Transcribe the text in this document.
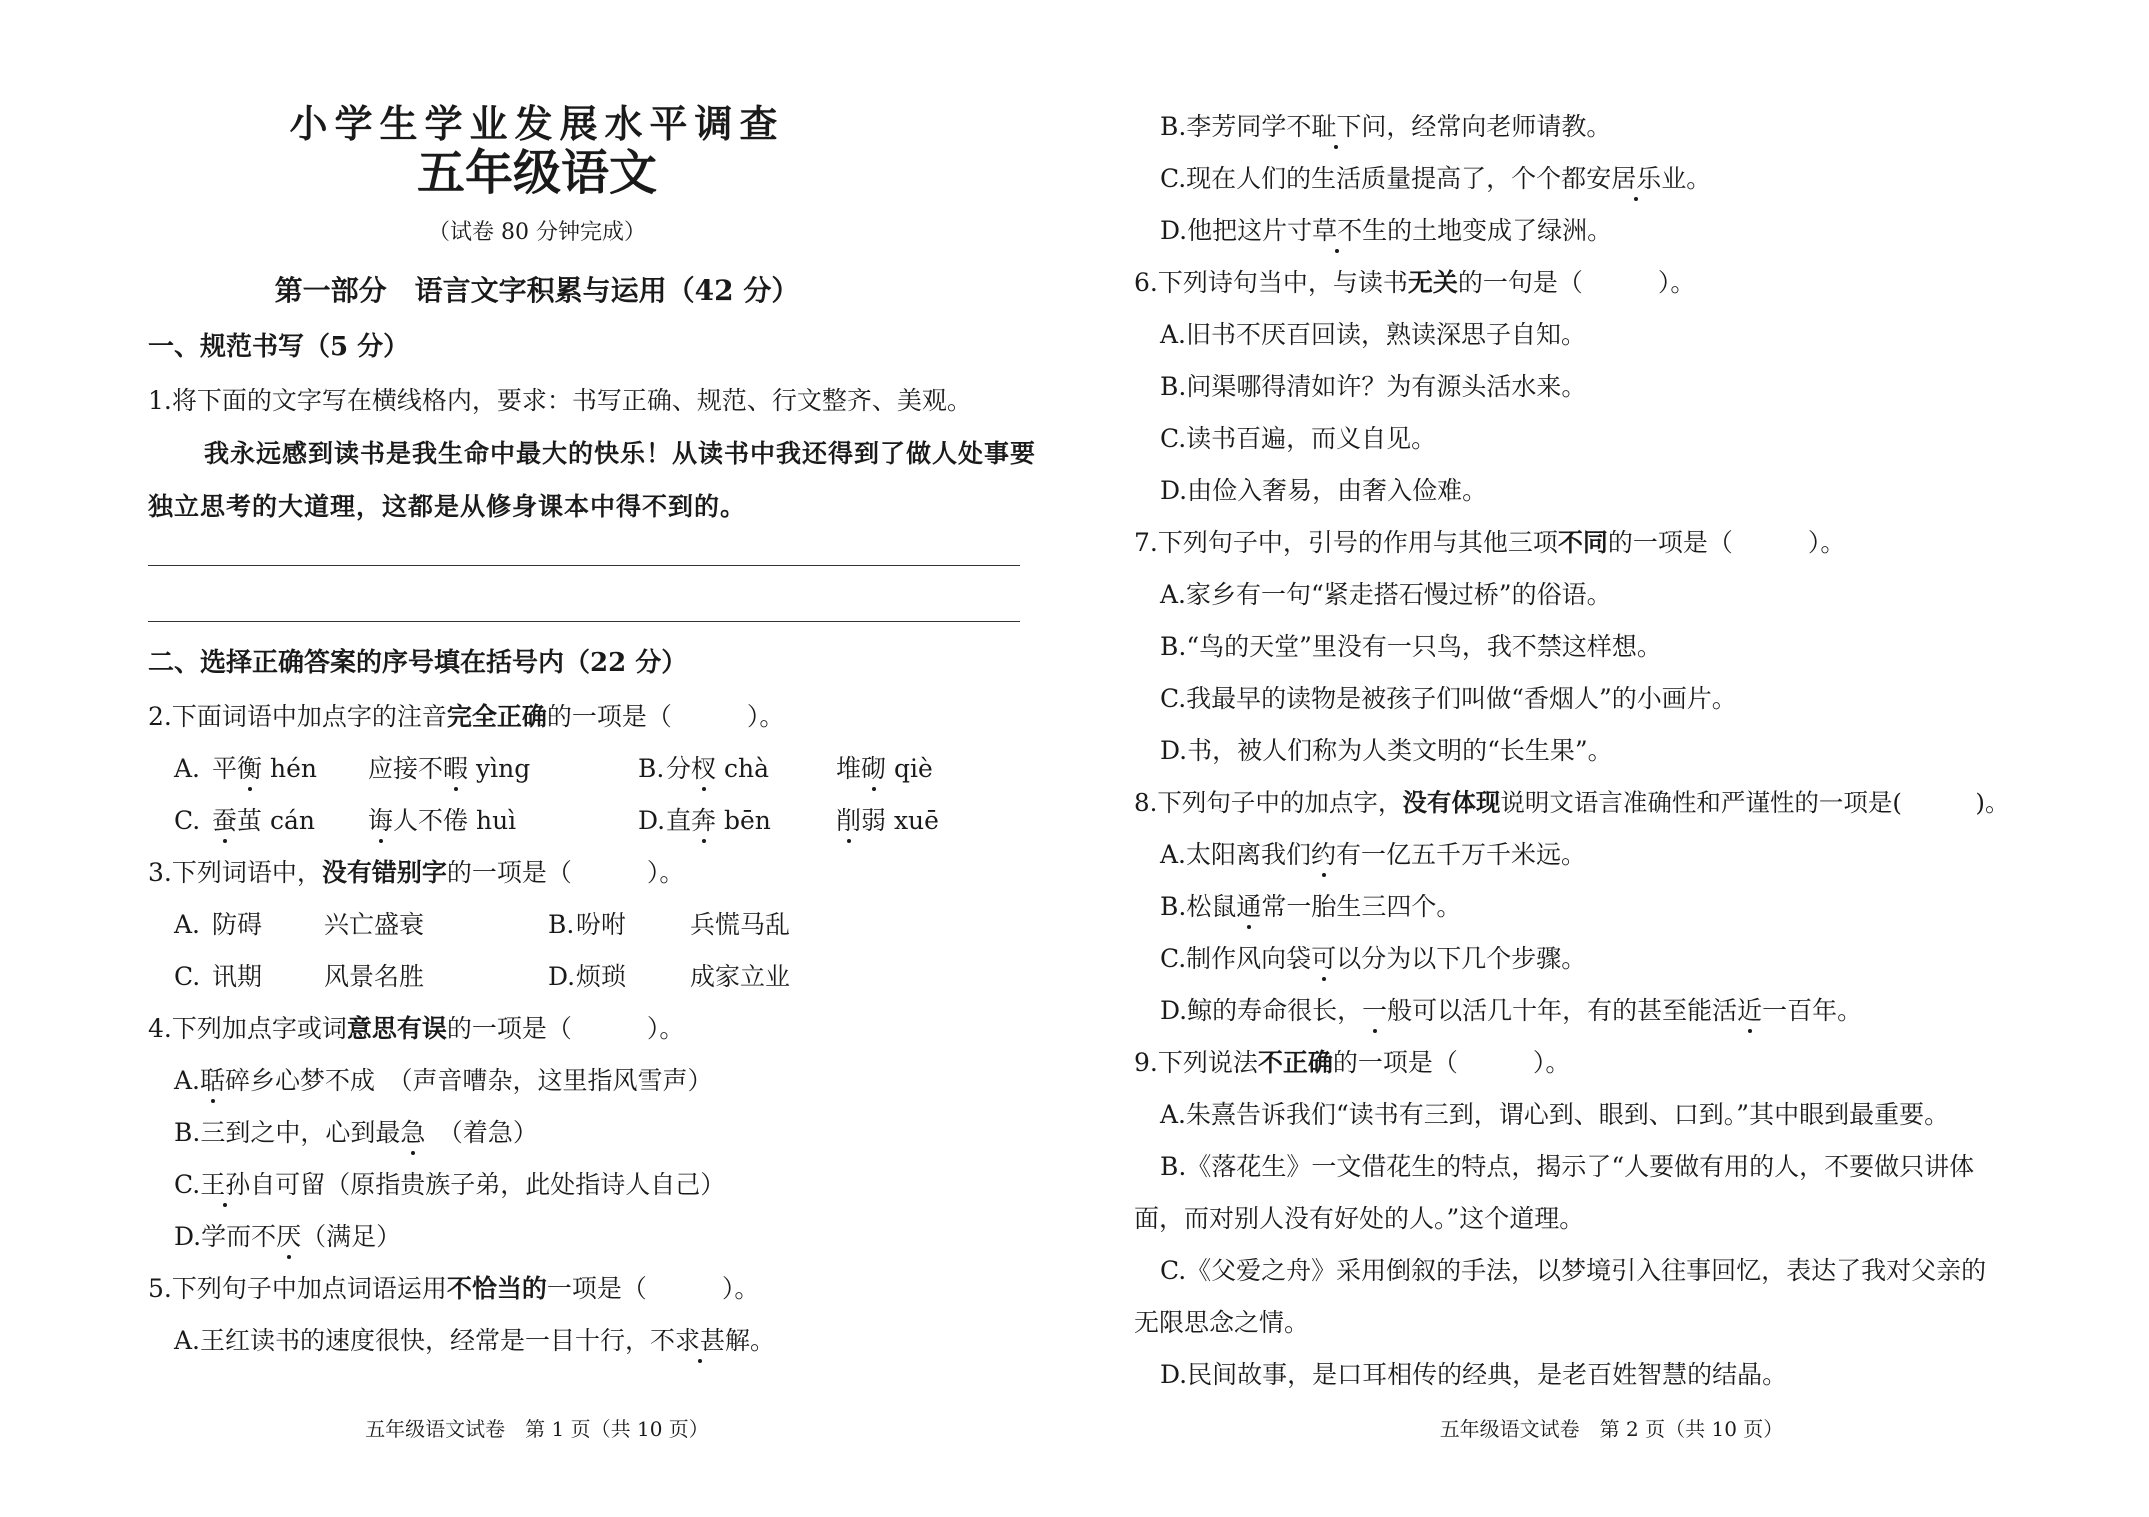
小学生学业发展水平调查
五年级语文
（试卷 80 分钟完成）
第一部分　语言文字积累与运用（42 分）
一、规范书写（5 分）
1.将下面的文字写在横线格内，要求：书写正确、规范、行文整齐、美观。
我永远感到读书是我生命中最大的快乐！从读书中我还得到了做人处事要
独立思考的大道理，这都是从修身课本中得不到的。
二、选择正确答案的序号填在括号内（22 分）
2.下面词语中加点字的注音完全正确的一项是（　　　）。
A. 平衡 hén 应接不暇 yìng	B. 分杈 chà	堆砌 qiè
C. 蚕茧 cán 诲人不倦 huì	D. 直奔 bēn	削弱 xuē
3.下列词语中，没有错别字的一项是（　　　）。
A. 防碍 兴亡盛衰	B. 吩咐	兵慌马乱
C. 讯期 风景名胜	D. 烦琐	成家立业
4.下列加点字或词意思有误的一项是（　　　）。
A.聒碎乡心梦不成　（声音嘈杂，这里指风雪声）
B.三到之中，心到最急　（着急）
C.王孙自可留（原指贵族子弟，此处指诗人自己）
D.学而不厌（满足）
5.下列句子中加点词语运用不恰当的一项是（　　　）。
A.王红读书的速度很快，经常是一目十行，不求甚解。
五年级语文试卷　第 1 页（共 10 页）
B.李芳同学不耻下问，经常向老师请教。
C.现在人们的生活质量提高了，个个都安居乐业。
D.他把这片寸草不生的土地变成了绿洲。
6.下列诗句当中，与读书无关的一句是（　　　）。
A.旧书不厌百回读，熟读深思子自知。
B.问渠哪得清如许？为有源头活水来。
C.读书百遍，而义自见。
D.由俭入奢易，由奢入俭难。
7.下列句子中，引号的作用与其他三项不同的一项是（　　　）。
A.家乡有一句“紧走搭石慢过桥”的俗语。
B.“鸟的天堂”里没有一只鸟，我不禁这样想。
C.我最早的读物是被孩子们叫做“香烟人”的小画片。
D.书，被人们称为人类文明的“长生果”。
8.下列句子中的加点字，没有体现说明文语言准确性和严谨性的一项是(　　　)。
A.太阳离我们约有一亿五千万千米远。
B.松鼠通常一胎生三四个。
C.制作风向袋可以分为以下几个步骤。
D.鲸的寿命很长，一般可以活几十年，有的甚至能活近一百年。
9.下列说法不正确的一项是（　　　）。
A.朱熹告诉我们“读书有三到，谓心到、眼到、口到。”其中眼到最重要。
B.《落花生》一文借花生的特点，揭示了“人要做有用的人，不要做只讲体
面，而对别人没有好处的人。”这个道理。
C.《父爱之舟》采用倒叙的手法，以梦境引入往事回忆，表达了我对父亲的
无限思念之情。
D.民间故事，是口耳相传的经典，是老百姓智慧的结晶。
五年级语文试卷　第 2 页（共 10 页）
